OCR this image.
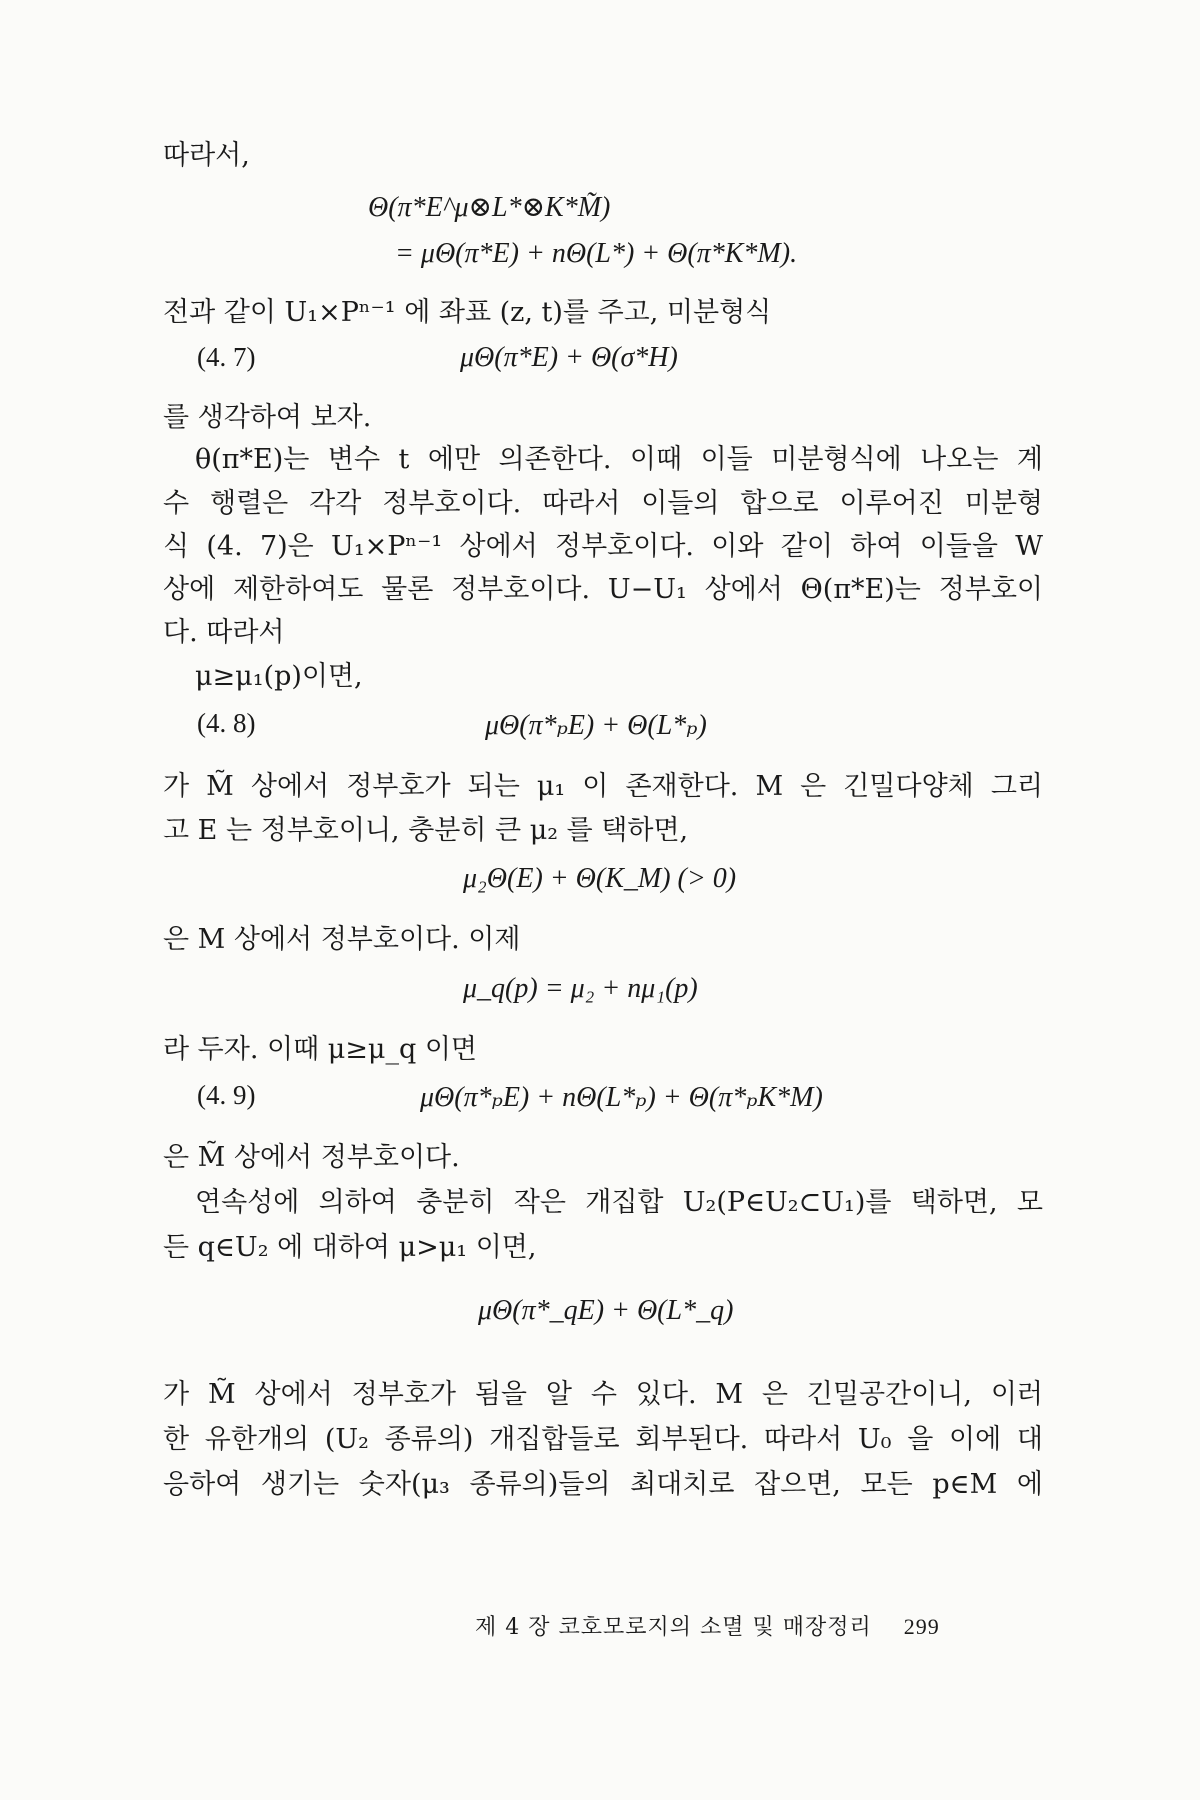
따라서,
Θ(π*E^μ⊗L*⊗K*M̃)
= μΘ(π*E) + nΘ(L*) + Θ(π*K*M).
전과 같이 U₁×Pⁿ⁻¹ 에 좌표 (z, t)를 주고, 미분형식
(4. 7)	μΘ(π*E) + Θ(σ*H)
를 생각하여 보자.
θ(π*E)는 변수 t 에만 의존한다. 이때 이들 미분형식에 나오는 계
수 행렬은 각각 정부호이다. 따라서 이들의 합으로 이루어진 미분형
식 (4. 7)은 U₁×Pⁿ⁻¹ 상에서 정부호이다. 이와 같이 하여 이들을 W
상에 제한하여도 물론 정부호이다. U−U₁ 상에서 Θ(π*E)는 정부호이
다. 따라서
μ≥μ₁(p)이면,
(4. 8)	μΘ(π*ₚE) + Θ(L*ₚ)
가 M̃ 상에서 정부호가 되는 μ₁ 이 존재한다. M 은 긴밀다양체 그리
고 E 는 정부호이니, 충분히 큰 μ₂ 를 택하면,
μ₂Θ(E) + Θ(K_M) (> 0)
은 M 상에서 정부호이다. 이제
μ_q(p) = μ₂ + nμ₁(p)
라 두자. 이때 μ≥μ_q 이면
(4. 9)	μΘ(π*ₚE) + nΘ(L*ₚ) + Θ(π*ₚK*M)
은 M̃ 상에서 정부호이다.
연속성에 의하여 충분히 작은 개집합 U₂(P∈U₂⊂U₁)를 택하면, 모
든 q∈U₂ 에 대하여 μ>μ₁ 이면,
μΘ(π*_qE) + Θ(L*_q)
가 M̃ 상에서 정부호가 됨을 알 수 있다. M 은 긴밀공간이니, 이러
한 유한개의 (U₂ 종류의) 개집합들로 회부된다. 따라서 U₀ 을 이에 대
응하여 생기는 숫자(μ₃ 종류의)들의 최대치로 잡으면, 모든 p∈M 에
제 4 장 코호모로지의 소멸 및 매장정리 299
